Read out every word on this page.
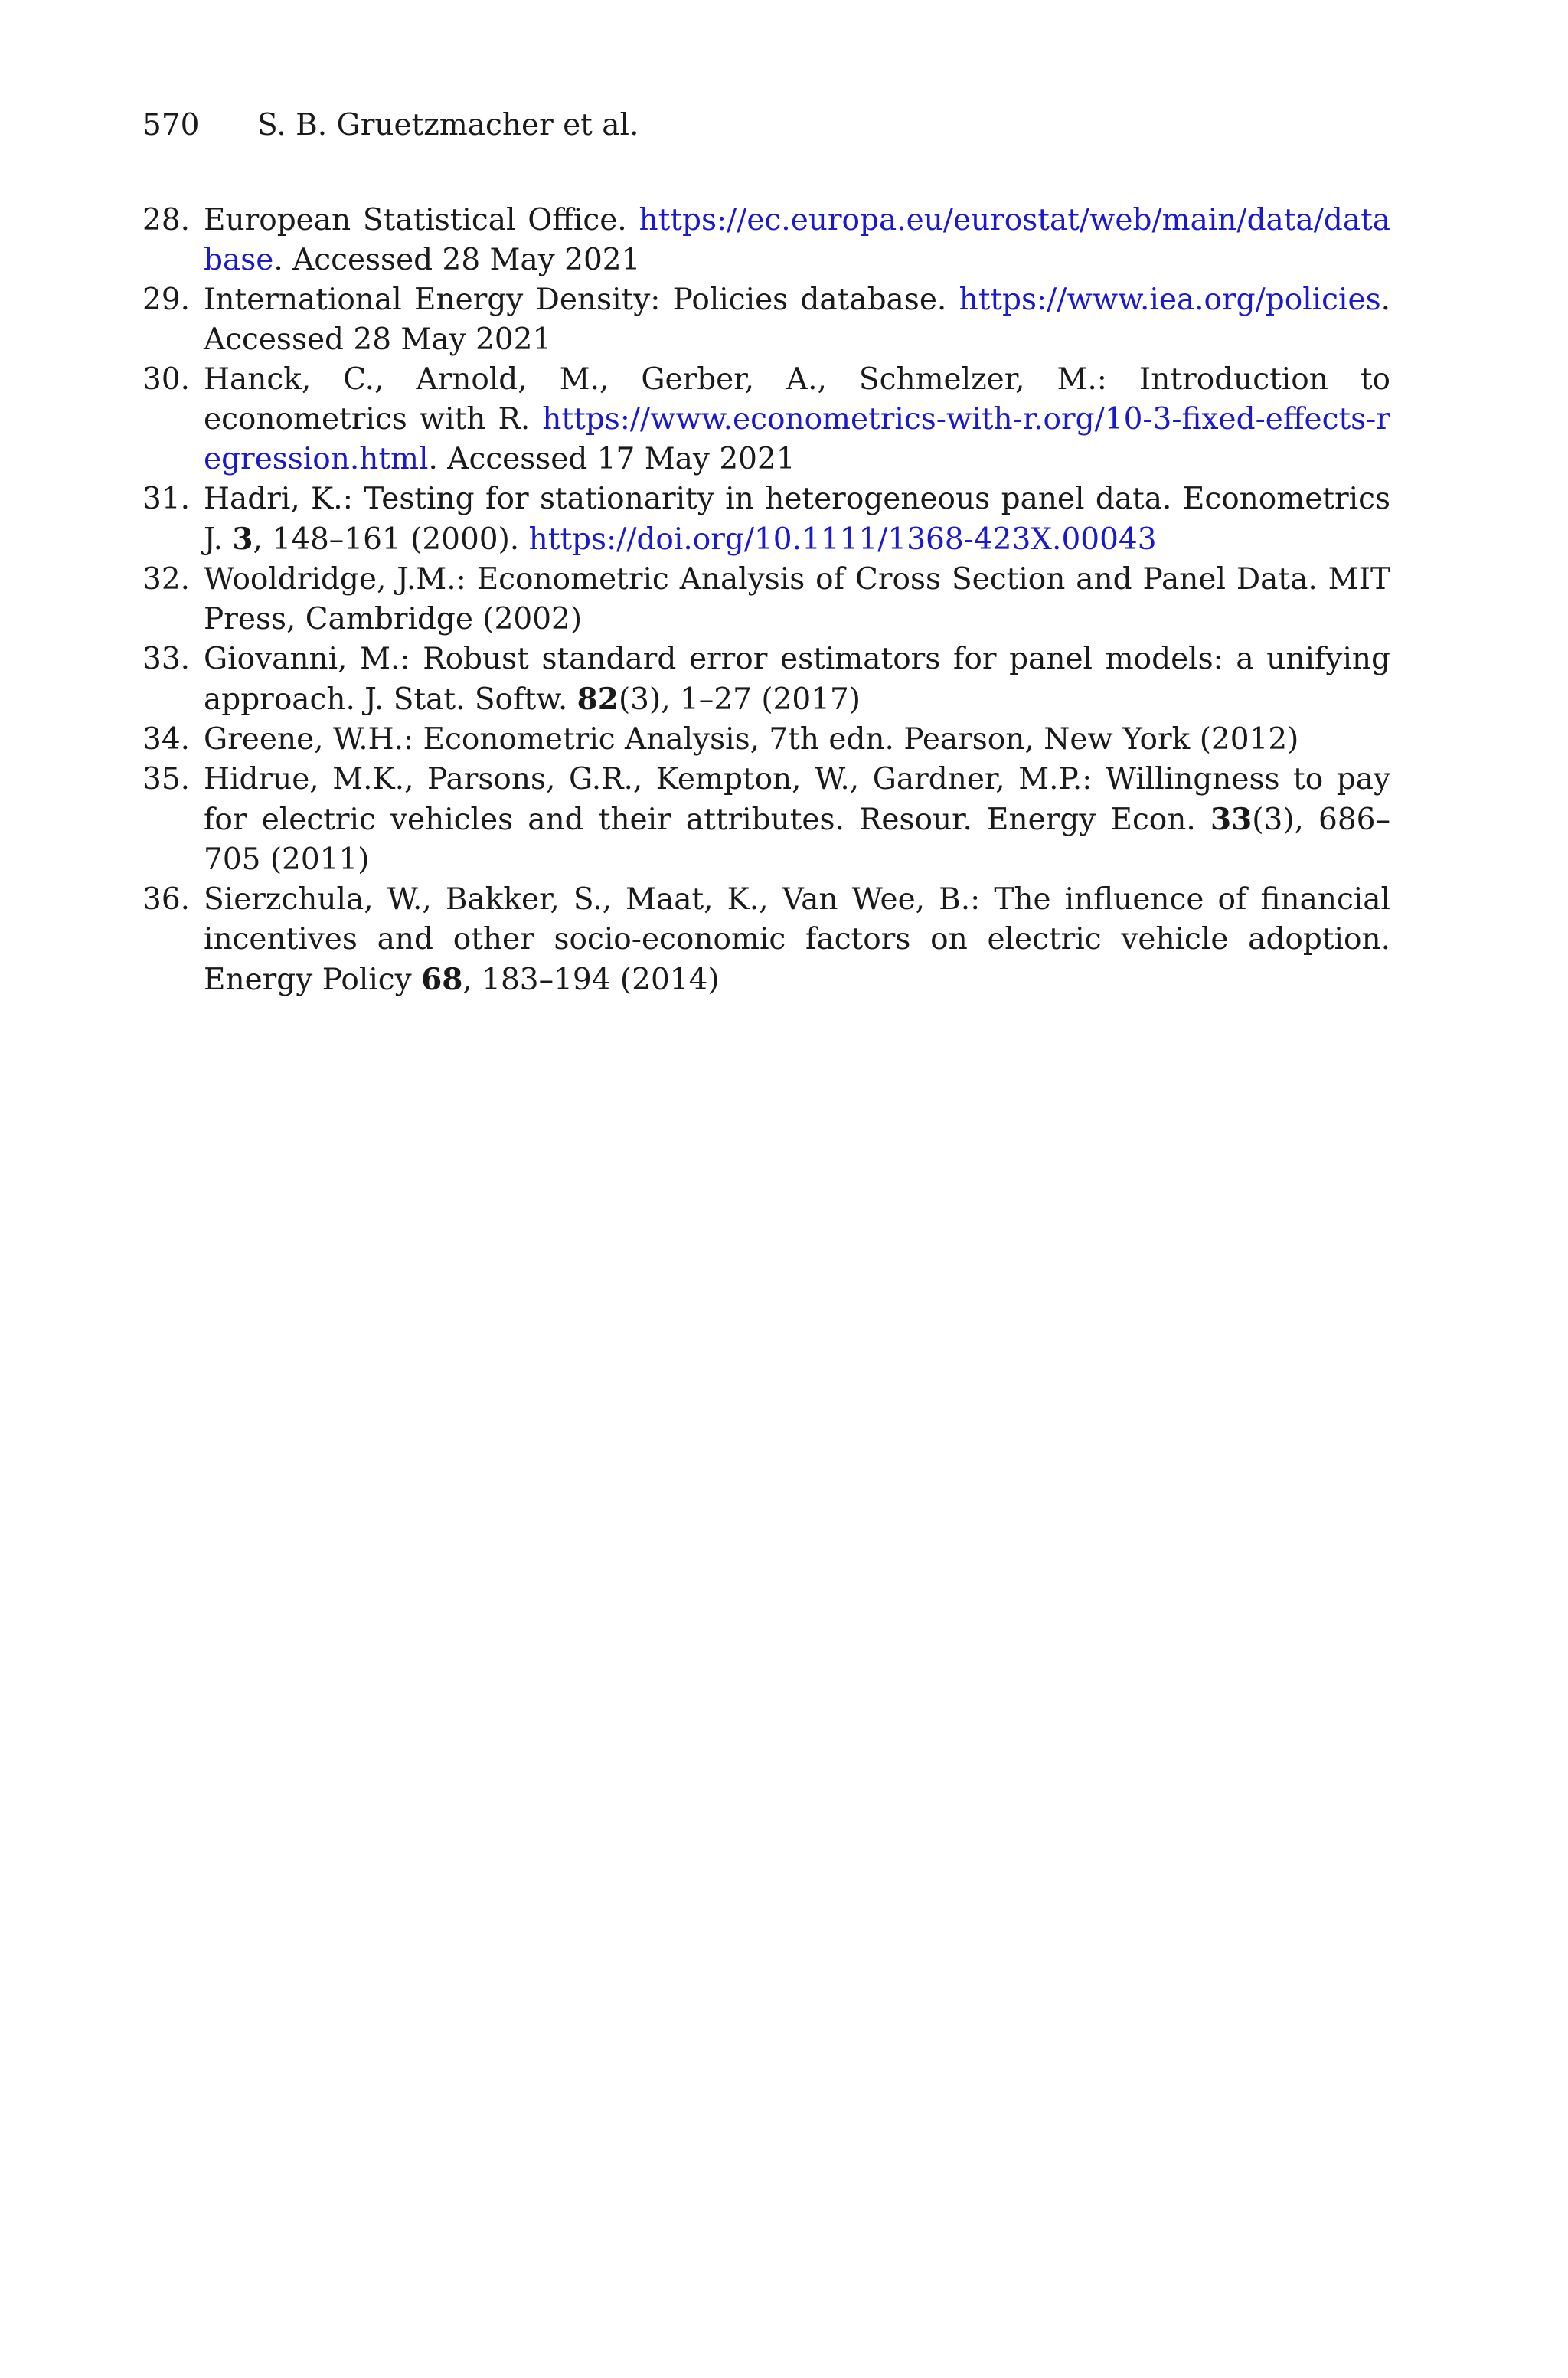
570 S. B. Gruetzmacher et al.
28. European Statistical Office. https://ec.europa.eu/eurostat/web/main/data/database. Accessed 28 May 2021
29. International Energy Density: Policies database. https://www.iea.org/policies. Accessed 28 May 2021
30. Hanck, C., Arnold, M., Gerber, A., Schmelzer, M.: Introduction to econometrics with R. https://www.econometrics-with-r.org/10-3-fixed-effects-regression.html. Accessed 17 May 2021
31. Hadri, K.: Testing for stationarity in heterogeneous panel data. Econometrics J. 3, 148–161 (2000). https://doi.org/10.1111/1368-423X.00043
32. Wooldridge, J.M.: Econometric Analysis of Cross Section and Panel Data. MIT Press, Cambridge (2002)
33. Giovanni, M.: Robust standard error estimators for panel models: a unifying approach. J. Stat. Softw. 82(3), 1–27 (2017)
34. Greene, W.H.: Econometric Analysis, 7th edn. Pearson, New York (2012)
35. Hidrue, M.K., Parsons, G.R., Kempton, W., Gardner, M.P.: Willingness to pay for electric vehicles and their attributes. Resour. Energy Econ. 33(3), 686–705 (2011)
36. Sierzchula, W., Bakker, S., Maat, K., Van Wee, B.: The influence of financial incentives and other socio-economic factors on electric vehicle adoption. Energy Policy 68, 183–194 (2014)
